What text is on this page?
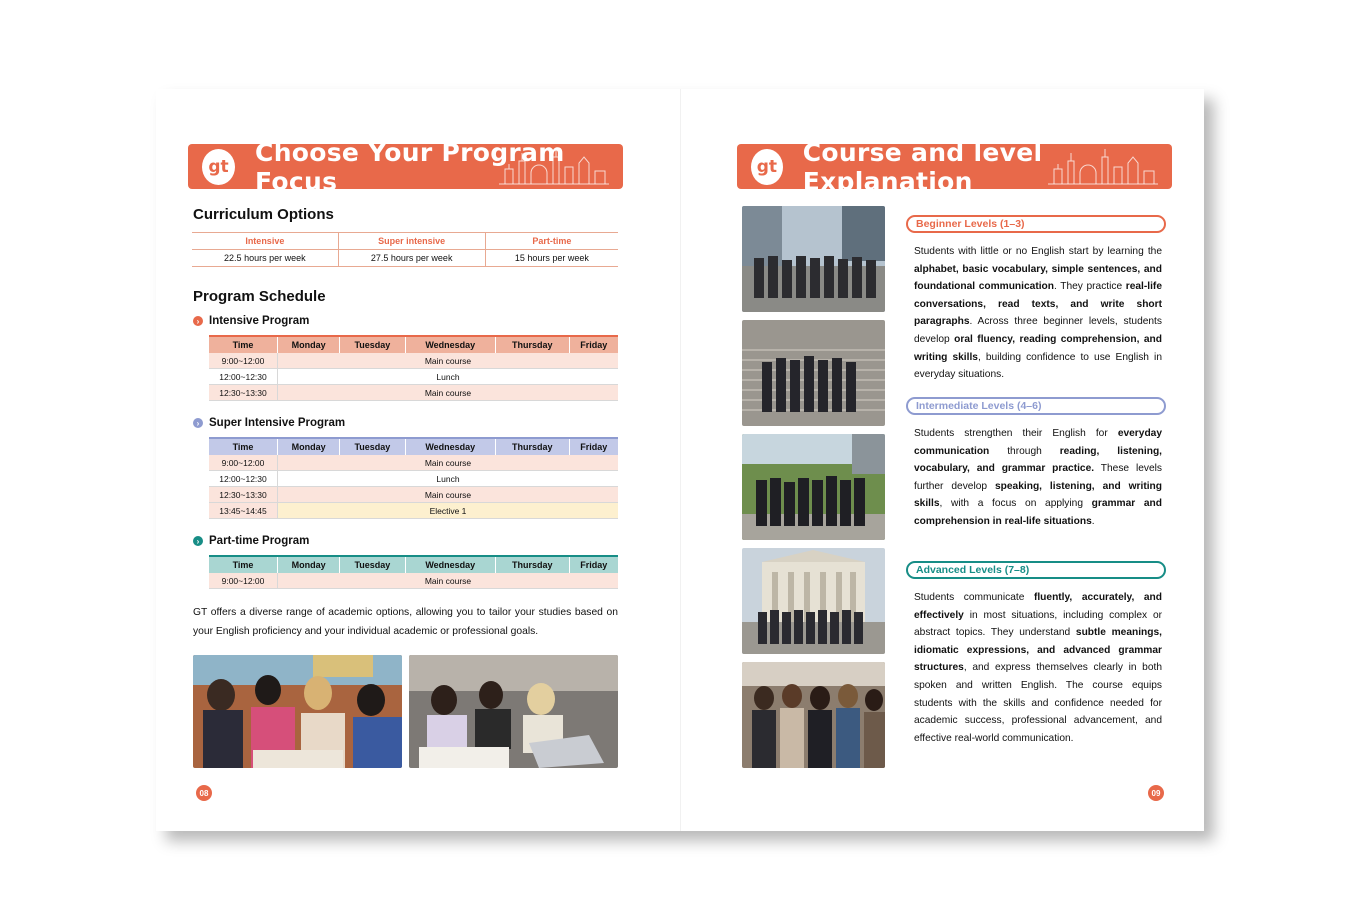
gt Choose Your Program Focus
Curriculum Options
Intensive	Super intensive	Part-time
22.5 hours per week	27.5 hours per week	15 hours per week
Program Schedule
› Intensive Program
Time	Monday	Tuesday	Wednesday	Thursday	Friday
9:00~12:00	Main course				
12:00~12:30	Lunch				
12:30~13:30	Main course				
› Super Intensive Program
Time	Monday	Tuesday	Wednesday	Thursday	Friday
9:00~12:00	Main course				
12:00~12:30	Lunch				
12:30~13:30	Main course				
13:45~14:45	Elective 1				
› Part-time Program
Time	Monday	Tuesday	Wednesday	Thursday	Friday
9:00~12:00	Main course				
GT offers a diverse range of academic options, allowing you to tailor your studies based on your English proficiency and your individual academic or professional goals.
08
gt Course and level Explanation
Beginner Levels (1–3)
Students with little or no English start by learning the alphabet, basic vocabulary, simple sentences, and foundational communication. They practice real-life conversations, read texts, and write short paragraphs. Across three beginner levels, students develop oral fluency, reading comprehension, and writing skills, building confidence to use English in everyday situations.
Intermediate Levels (4–6)
Students strengthen their English for everyday communication through reading, listening, vocabulary, and grammar practice. These levels further develop speaking, listening, and writing skills, with a focus on applying grammar and comprehension in real-life situations.
Advanced Levels (7–8)
Students communicate fluently, accurately, and effectively in most situations, including complex or abstract topics. They understand subtle meanings, idiomatic expressions, and advanced grammar structures, and express themselves clearly in both spoken and written English. The course equips students with the skills and confidence needed for academic success, professional advancement, and effective real-world communication.
09
